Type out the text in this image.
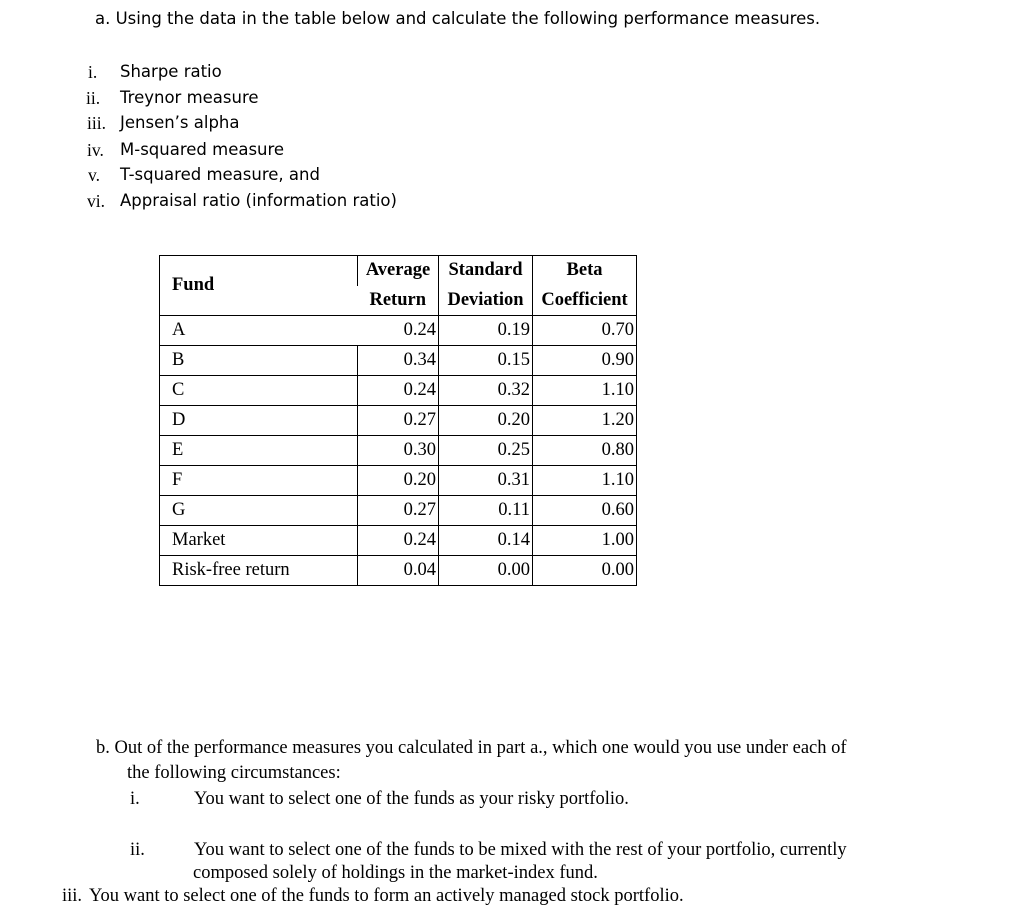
a. Using the data in the table below and calculate the following performance measures.
i. Sharpe ratio
ii. Treynor measure
iii. Jensen’s alpha
iv. M-squared measure
v. T-squared measure, and
vi. Appraisal ratio (information ratio)
Fund	Average	Standard	Beta
	Return	Deviation	Coefficient
A	0.24	0.19	0.70
B	0.34	0.15	0.90
C	0.24	0.32	1.10
D	0.27	0.20	1.20
E	0.30	0.25	0.80
F	0.20	0.31	1.10
G	0.27	0.11	0.60
Market	0.24	0.14	1.00
Risk-free return	0.04	0.00	0.00
b. Out of the performance measures you calculated in part a., which one would you use under each of
the following circumstances:
i.	You want to select one of the funds as your risky portfolio.
ii.	You want to select one of the funds to be mixed with the rest of your portfolio, currently
composed solely of holdings in the market-index fund.
iii. You want to select one of the funds to form an actively managed stock portfolio.
